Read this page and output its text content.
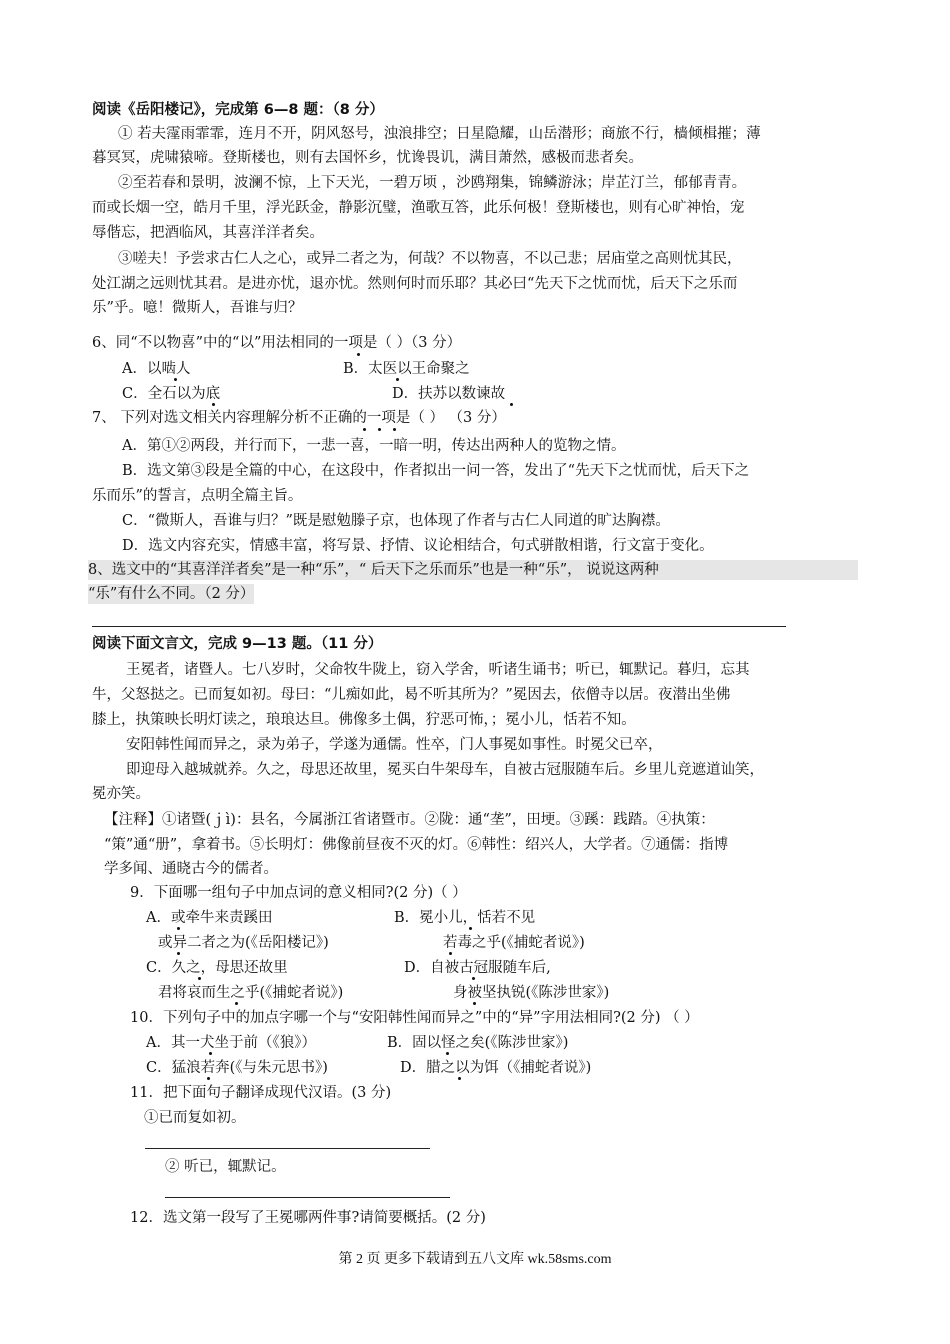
阅读《岳阳楼记》，完成第 6—8 题：（8 分）
① 若夫霪雨霏霏，连月不开，阴风怒号，浊浪排空；日星隐耀，山岳潜形；商旅不行，樯倾楫摧；薄
暮冥冥，虎啸猿啼。登斯楼也，则有去国怀乡，忧谗畏讥，满目萧然，感极而悲者矣。
②至若春和景明，波澜不惊，上下天光，一碧万顷 ，沙鸥翔集，锦鳞游泳；岸芷汀兰，郁郁青青。
而或长烟一空，皓月千里，浮光跃金，静影沉璧，渔歌互答，此乐何极！登斯楼也，则有心旷神怡，宠
辱偕忘，把酒临风，其喜洋洋者矣。
③嗟夫！予尝求古仁人之心，或异二者之为，何哉？不以物喜，不以己悲；居庙堂之高则忧其民，
处江湖之远则忧其君。是进亦忧，退亦忧。然则何时而乐耶？其必曰“先天下之忧而忧，后天下之乐而
乐”乎。噫！微斯人，吾谁与归？
6、同“不以物喜”中的“以”用法相同的一项是（ ）（3 分）
A．以啮人	B．太医以王命聚之
C．全石以为底	D．扶苏以数谏故
7、 下列对选文相关内容理解分析不正确的一项是（ ） （3 分）
A．第①②两段，并行而下，一悲一喜，一暗一明，传达出两种人的览物之情。
B．选文第③段是全篇的中心，在这段中，作者拟出一问一答，发出了“先天下之忧而忧，后天下之
乐而乐”的誓言，点明全篇主旨。
C．“微斯人，吾谁与归？”既是慰勉滕子京，也体现了作者与古仁人同道的旷达胸襟。
D．选文内容充实，情感丰富，将写景、抒情、议论相结合，句式骈散相谐，行文富于变化。
8、选文中的“其喜洋洋者矣”是一种“乐”，“ 后天下之乐而乐”也是一种“乐”， 说说这两种
“乐”有什么不同。（2 分）
阅读下面文言文，完成 9—13 题。（11 分）
王冕者，诸暨人。七八岁时，父命牧牛陇上，窃入学舍，听诸生诵书；听已，辄默记。暮归，忘其
牛，父怒挞之。已而复如初。母曰：“儿痴如此，曷不听其所为？”冕因去，依僧寺以居。夜潜出坐佛
膝上，执策映长明灯读之，琅琅达旦。佛像多土偶，狞恶可怖，；冕小儿，恬若不知。
安阳韩性闻而异之，录为弟子，学遂为通儒。性卒，门人事冕如事性。时冕父已卒，
即迎母入越城就养。久之，母思还故里，冕买白牛架母车，自被古冠服随车后。乡里儿竞遮道讪笑，
冕亦笑。
【注释】①诸暨(ｊì)：县名，今属浙江省诸暨市。②陇：通“垄”，田埂。③蹊：践踏。④执策：
“策”通“册”，拿着书。⑤长明灯：佛像前昼夜不灭的灯。⑥韩性：绍兴人，大学者。⑦通儒：指博
学多闻、通晓古今的儒者。
9．下面哪一组句子中加点词的意义相同?(2 分)（ ）
A．或牵牛来责蹊田	B．冕小儿，恬若不见
或异二者之为(《岳阳楼记》)	若毒之乎(《捕蛇者说》)
C．久之，母思还故里	D．自被古冠服随车后,
君将哀而生之乎(《捕蛇者说》)	身被坚执锐(《陈涉世家》)
10．下列句子中的加点字哪一个与“安阳韩性闻而异之”中的“异”字用法相同?(2 分) （ ）
A．其一犬坐于前（《狼》）	B．固以怪之矣(《陈涉世家》)
C．猛浪若奔(《与朱元思书》)	D．腊之以为饵（《捕蛇者说》)
11．把下面句子翻译成现代汉语。(3 分)
①已而复如初。
② 听已，辄默记。
12．选文第一段写了王冕哪两件事?请简要概括。(2 分)
第 2 页 更多下载请到五八文库 wk.58sms.com
